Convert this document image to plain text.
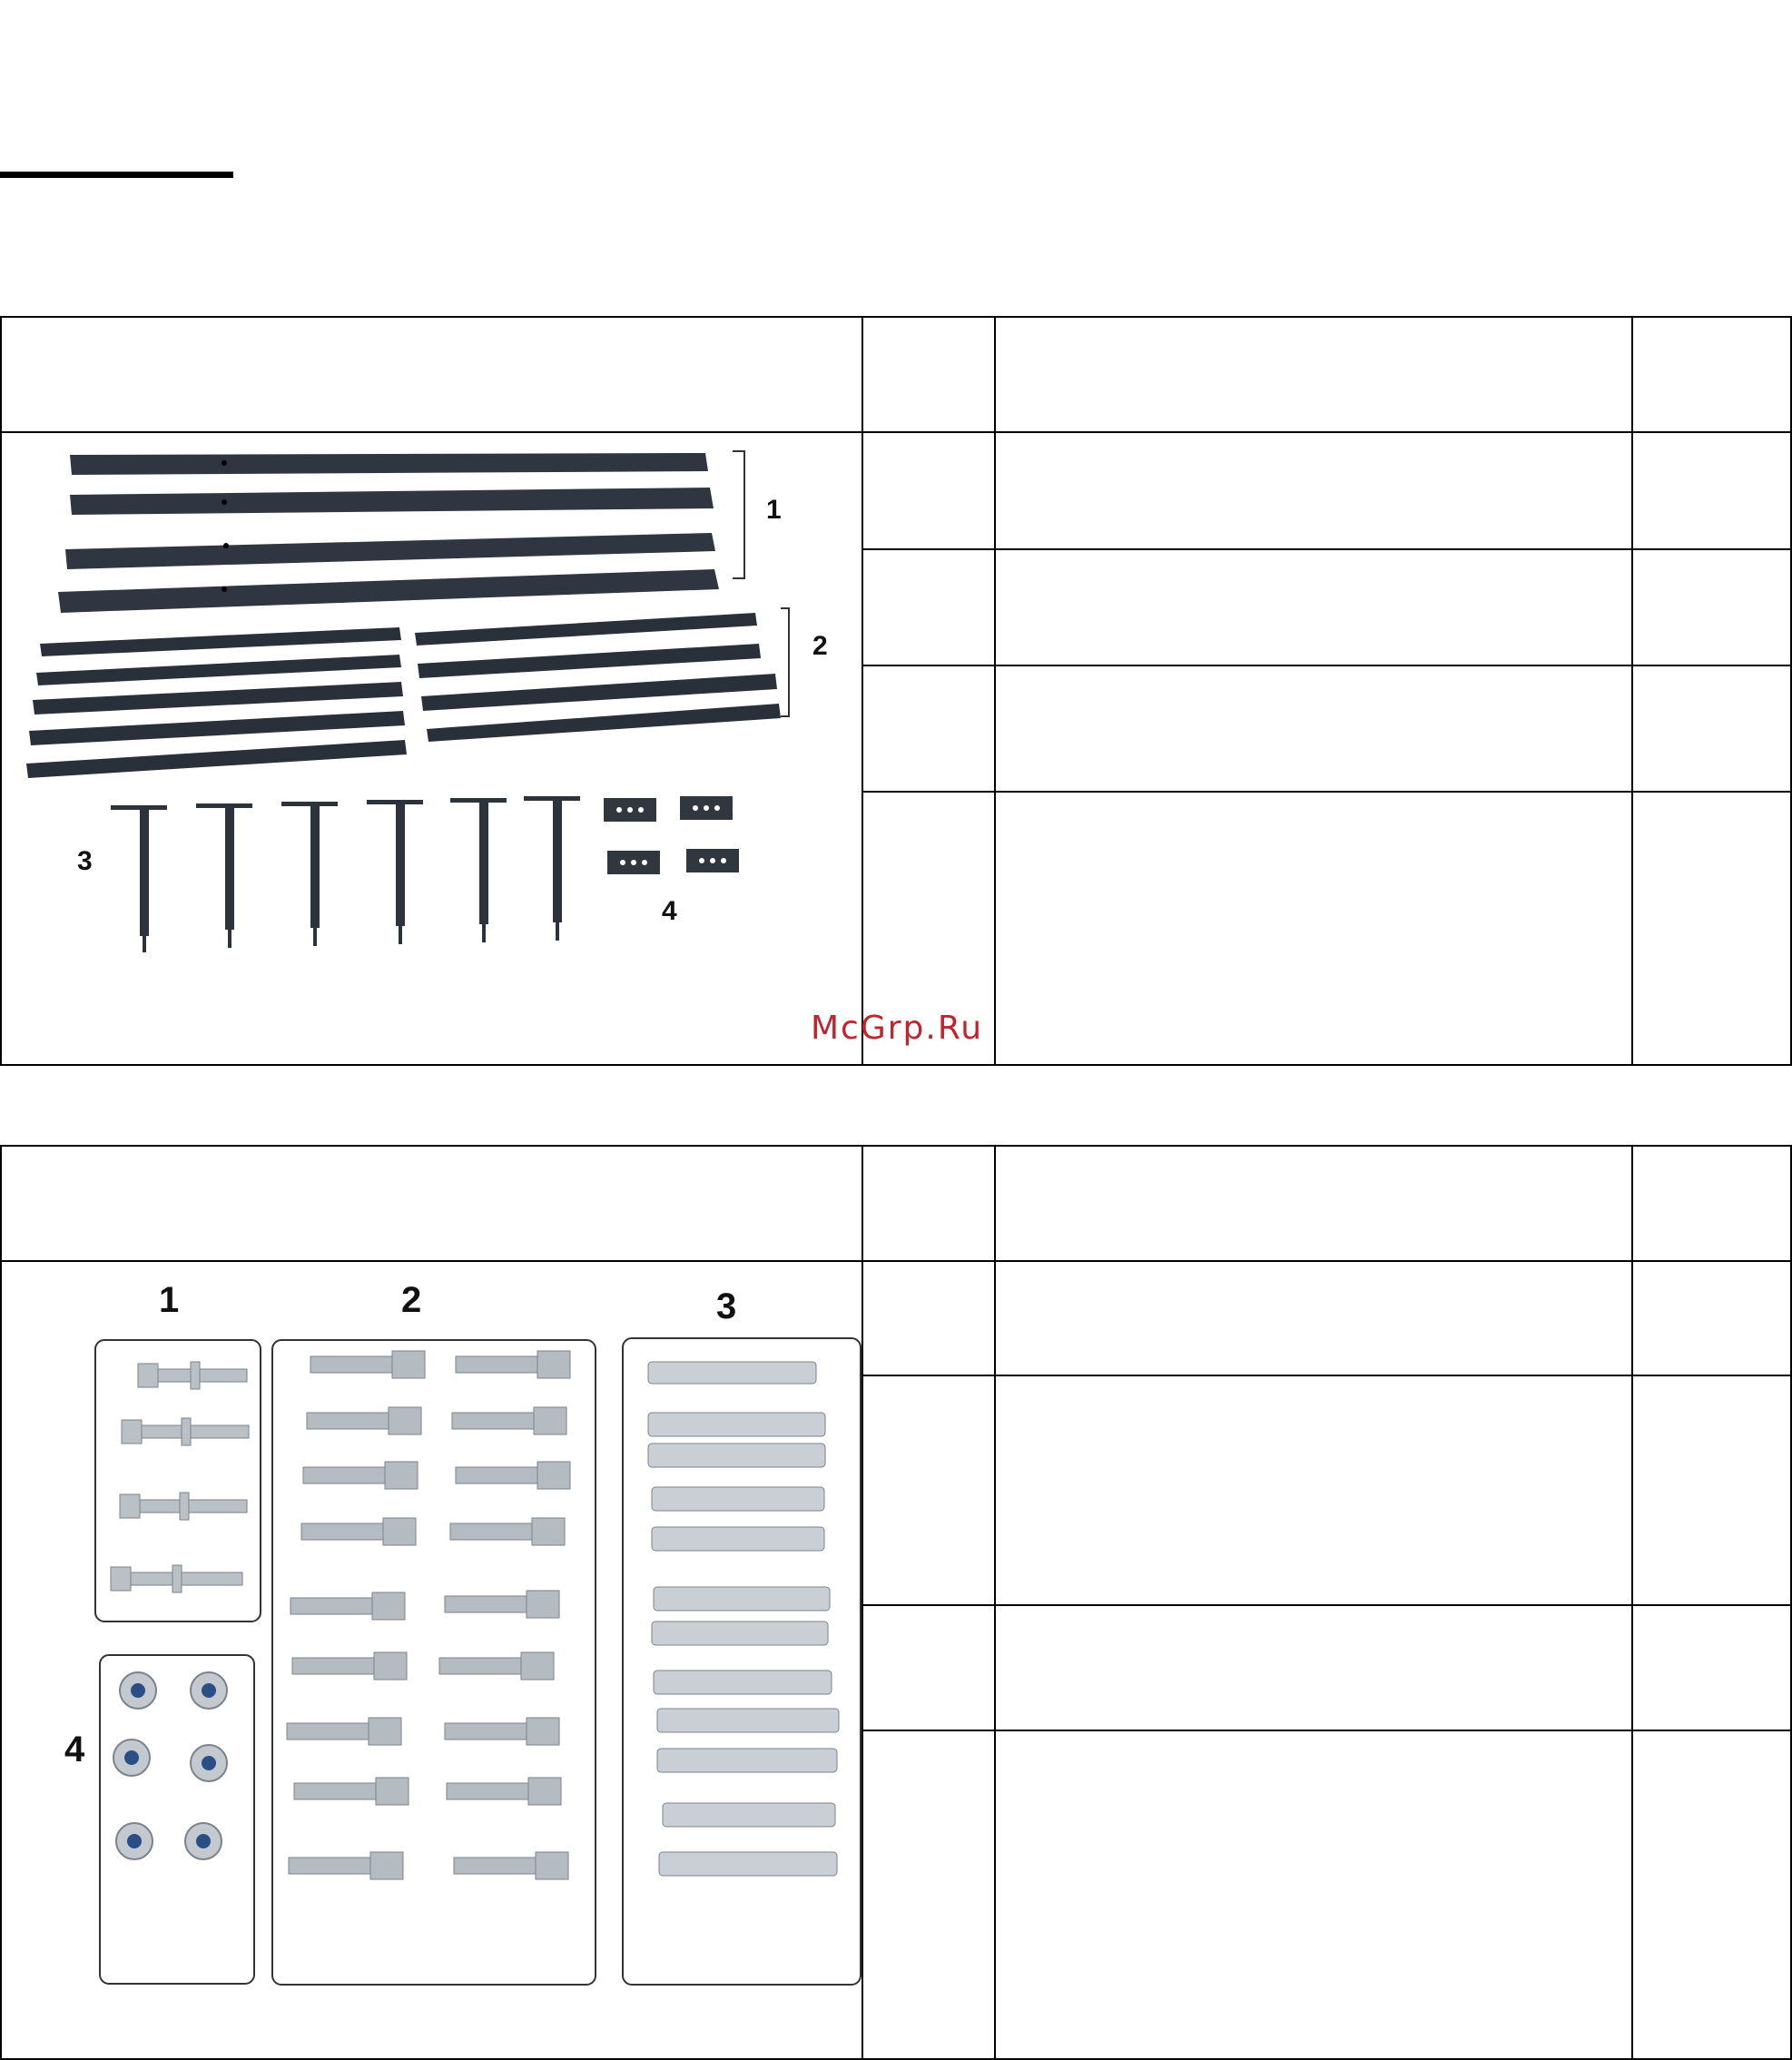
1
2
3
4			

McGrp.Ru

1 2 3
4			
